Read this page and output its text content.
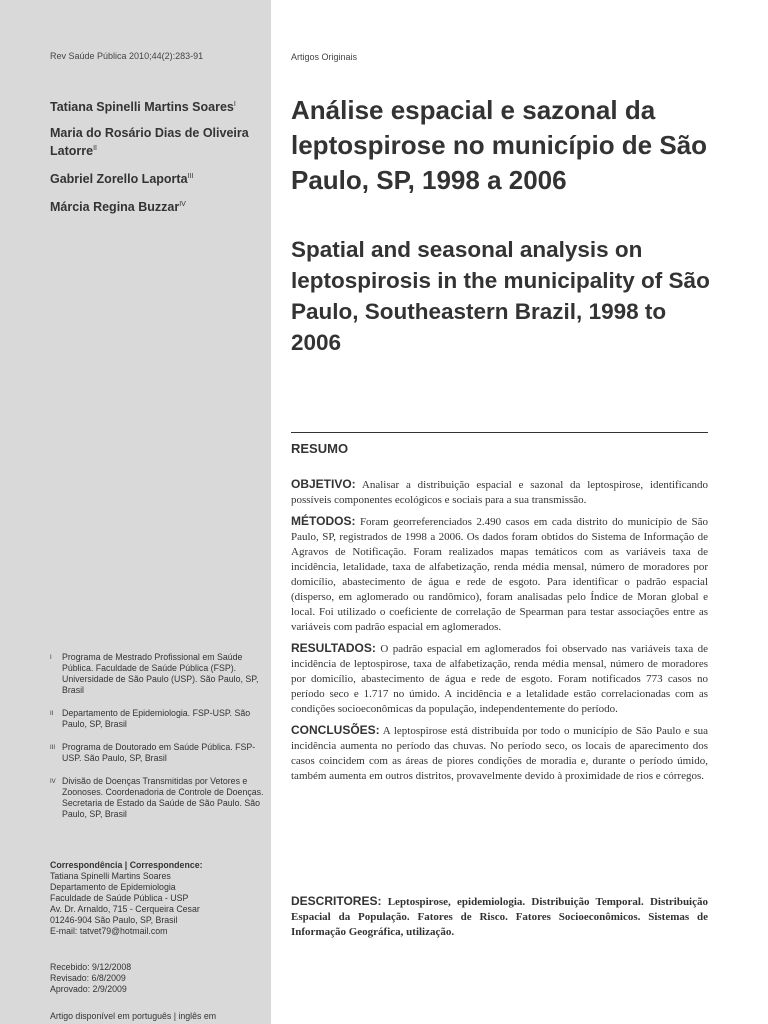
Rev Saúde Pública 2010;44(2):283-91	Artigos Originais
Tatiana Spinelli Martins Soares$^I$
Maria do Rosário Dias de Oliveira Latorre$^{II}$
Gabriel Zorello Laporta$^{III}$
Márcia Regina Buzzar$^{IV}$
Análise espacial e sazonal da leptospirose no município de São Paulo, SP, 1998 a 2006
Spatial and seasonal analysis on leptospirosis in the municipality of São Paulo, Southeastern Brazil, 1998 to 2006
I	Programa de Mestrado Profissional em Saúde Pública. Faculdade de Saúde Pública (FSP). Universidade de São Paulo (USP). São Paulo, SP, Brasil
II Departamento de Epidemiologia. FSP-USP. São Paulo, SP, Brasil
III Programa de Doutorado em Saúde Pública. FSP-USP. São Paulo, SP, Brasil
IV Divisão de Doenças Transmitidas por Vetores e Zoonoses. Coordenadoria de Controle de Doenças. Secretaria de Estado da Saúde de São Paulo. São Paulo, SP, Brasil
Correspondência | Correspondence:
Tatiana Spinelli Martins Soares
Departamento de Epidemiologia
Faculdade de Saúde Pública - USP
Av. Dr. Arnaldo, 715 - Cerqueira Cesar
01246-904 São Paulo, SP, Brasil
E-mail: tatvet79@hotmail.com
Recebido: 9/12/2008
Revisado: 6/8/2009
Aprovado: 2/9/2009
Artigo disponível em português | inglês em
RESUMO

OBJETIVO: Analisar a distribuição espacial e sazonal da leptospirose, identificando possíveis componentes ecológicos e sociais para a sua transmissão.

MÉTODOS: Foram georreferenciados 2.490 casos em cada distrito do município de São Paulo, SP, registrados de 1998 a 2006. Os dados foram obtidos do Sistema de Informação de Agravos de Notificação. Foram realizados mapas temáticos com as variáveis taxa de incidência, letalidade, taxa de alfabetização, renda média mensal, número de moradores por domicílio, abastecimento de água e rede de esgoto. Para identificar o padrão espacial (disperso, em aglomerado ou randômico), foram analisadas pelo Índice de Moran global e local. Foi utilizado o coeficiente de correlação de Spearman para testar associações entre as variáveis com padrão espacial em aglomerados.

RESULTADOS: O padrão espacial em aglomerados foi observado nas variáveis taxa de incidência de leptospirose, taxa de alfabetização, renda média mensal, número de moradores por domicílio, abastecimento de água e rede de esgoto. Foram notificados 773 casos no período seco e 1.717 no úmido. A incidência e a letalidade estão correlacionadas com as condições socioeconômicas da população, independentemente do período.

CONCLUSÕES: A leptospirose está distribuída por todo o município de São Paulo e sua incidência aumenta no período das chuvas. No período seco, os locais de aparecimento dos casos coincidem com as áreas de piores condições de moradia e, durante o período úmido, também aumenta em outros distritos, provavelmente devido à proximidade de rios e córregos.

DESCRITORES: Leptospirose, epidemiologia. Distribuição Temporal. Distribuição Espacial da População. Fatores de Risco. Fatores Socioeconômicos. Sistemas de Informação Geográfica, utilização.
